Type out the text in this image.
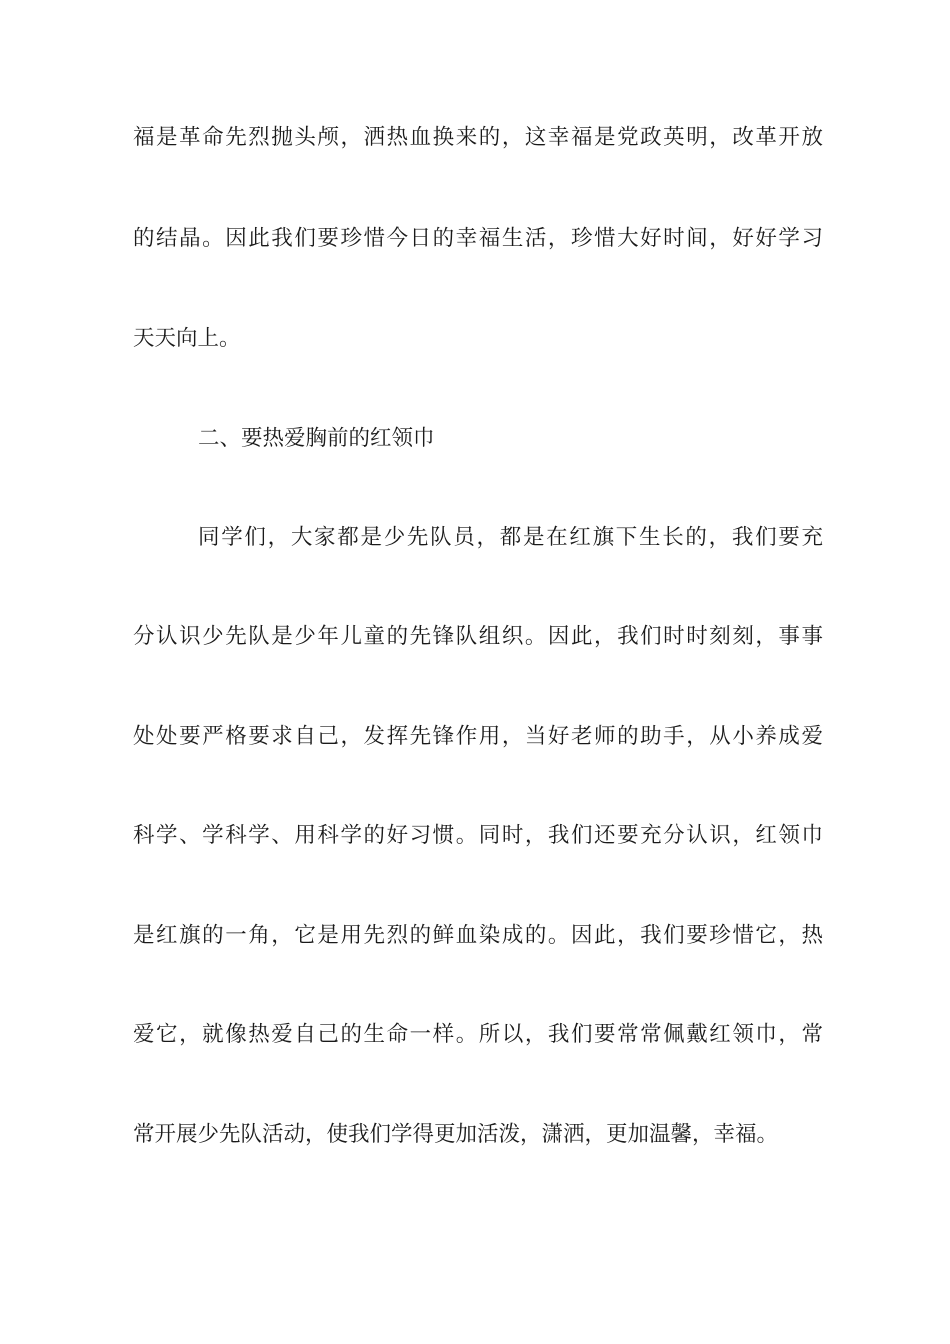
福是革命先烈抛头颅，洒热血换来的，这幸福是党政英明，改革开放
的结晶。因此我们要珍惜今日的幸福生活，珍惜大好时间，好好学习
天天向上。
二、要热爱胸前的红领巾
同学们，大家都是少先队员，都是在红旗下生长的，我们要充
分认识少先队是少年儿童的先锋队组织。因此，我们时时刻刻，事事
处处要严格要求自己，发挥先锋作用，当好老师的助手，从小养成爱
科学、学科学、用科学的好习惯。同时，我们还要充分认识，红领巾
是红旗的一角，它是用先烈的鲜血染成的。因此，我们要珍惜它，热
爱它，就像热爱自己的生命一样。所以，我们要常常佩戴红领巾，常
常开展少先队活动，使我们学得更加活泼，潇洒，更加温馨，幸福。
